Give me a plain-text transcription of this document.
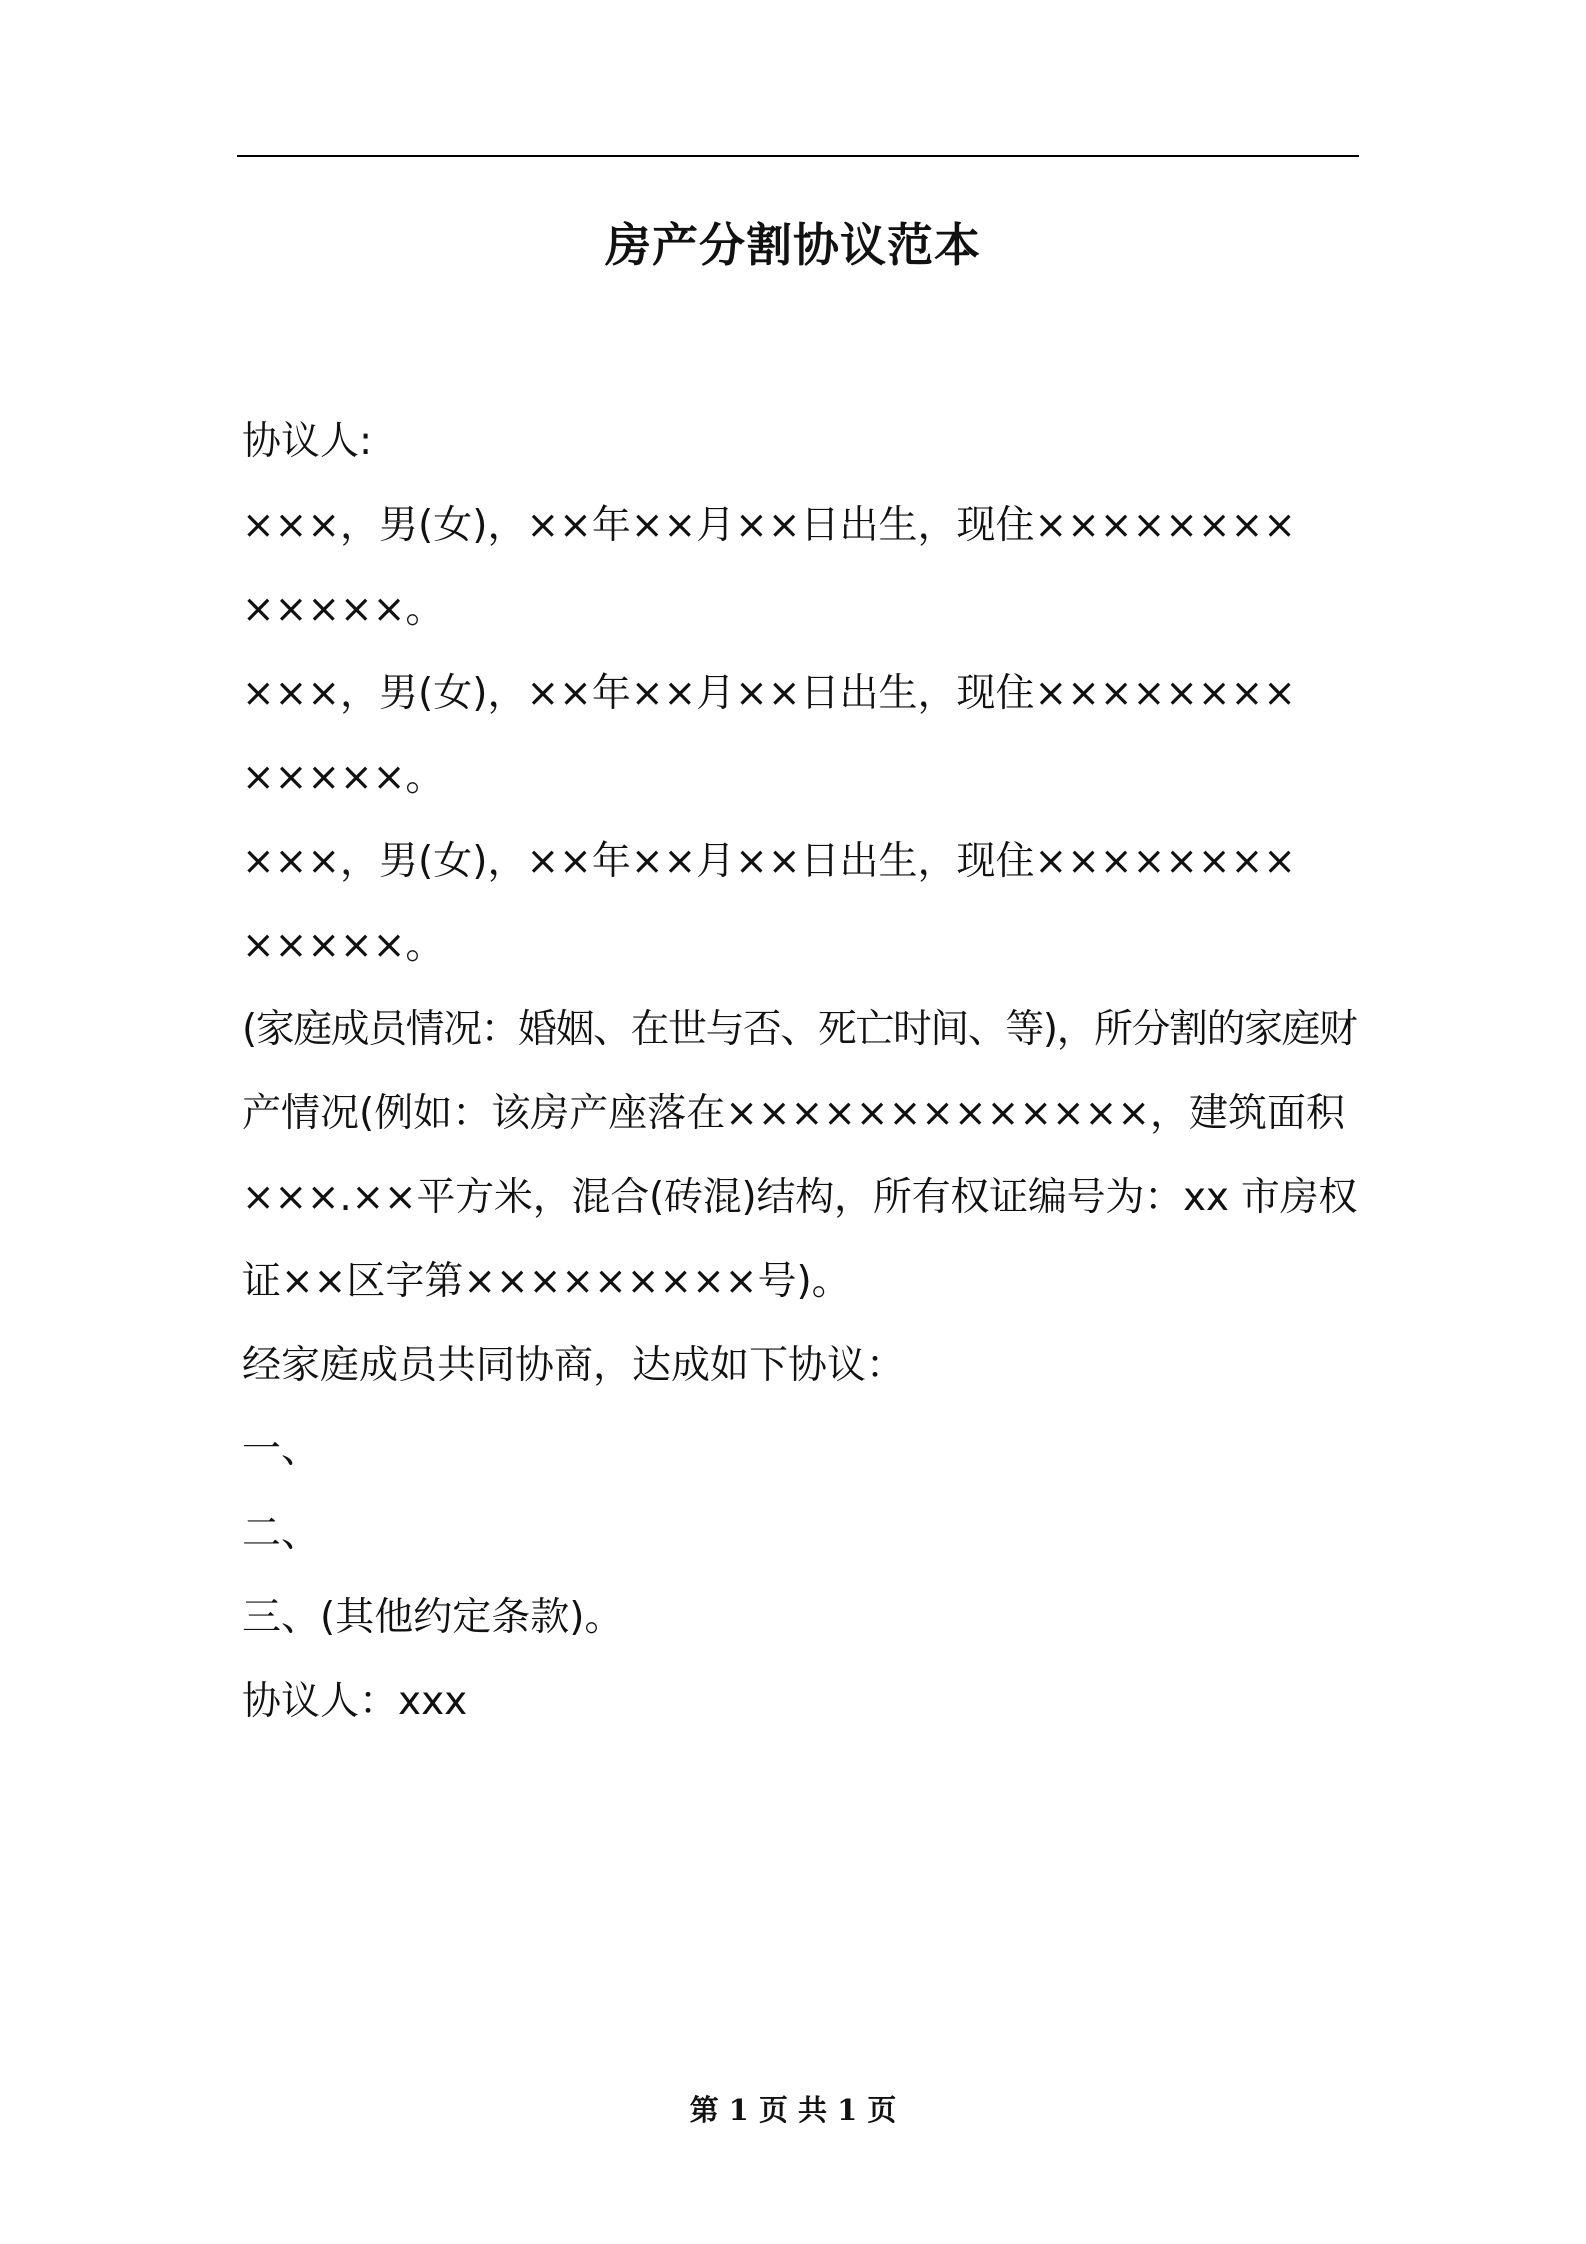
房产分割协议范本
协议人:
×××，男(女)，××年××月××日出生，现住××××××××
×××××。
×××，男(女)，××年××月××日出生，现住××××××××
×××××。
×××，男(女)，××年××月××日出生，现住××××××××
×××××。
(家庭成员情况：婚姻、在世与否、死亡时间、等)，所分割的家庭财
产情况(例如：该房产座落在×××××××××××××，建筑面积
×××.××平方米，混合(砖混)结构，所有权证编号为：xx 市房权
证××区字第×××××××××号)。
经家庭成员共同协商，达成如下协议：
一、
二、
三、(其他约定条款)。
协议人：xxx
第 1 页 共 1 页
